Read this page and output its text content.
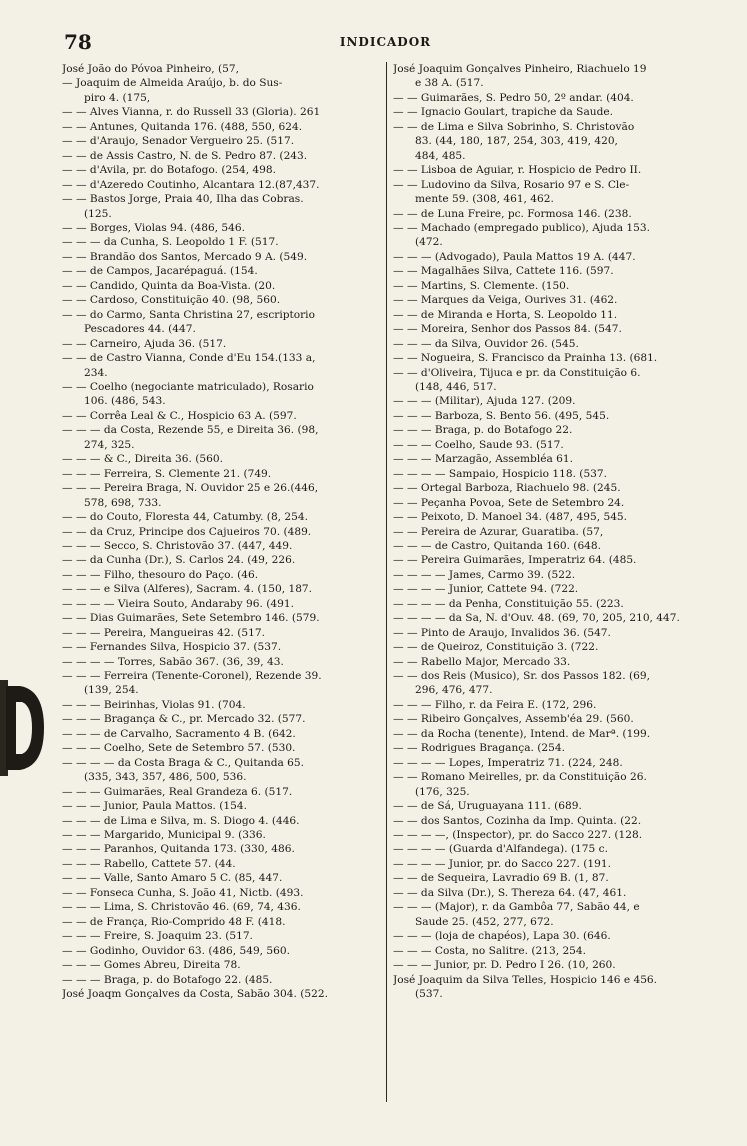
78	INDICADOR
José João do Póvoa Pinheiro, (57,
— Joaquim de Almeida Araújo, b. do Sus-
piro 4. (175,
— — Alves Vianna, r. do Russell 33 (Gloria). 261
— — Antunes, Quitanda 176. (488, 550, 624.
— — d'Araujo, Senador Vergueiro 25. (517.
— — de Assis Castro, N. de S. Pedro 87. (243.
— — d'Avila, pr. do Botafogo. (254, 498.
— — d'Azeredo Coutinho, Alcantara 12.(87,437.
— — Bastos Jorge, Praia 40, Ilha das Cobras.
(125.
— — Borges, Violas 94. (486, 546.
— — — da Cunha, S. Leopoldo 1 F. (517.
— — Brandão dos Santos, Mercado 9 A. (549.
— — de Campos, Jacarépaguá. (154.
— — Candido, Quinta da Boa-Vista. (20.
— — Cardoso, Constituição 40. (98, 560.
— — do Carmo, Santa Christina 27, escriptorio
Pescadores 44. (447.
— — Carneiro, Ajuda 36. (517.
— — de Castro Vianna, Conde d'Eu 154.(133 a,
234.
— — Coelho (negociante matriculado), Rosario
106. (486, 543.
— — Corrêa Leal & C., Hospicio 63 A. (597.
— — — da Costa, Rezende 55, e Direita 36. (98,
274, 325.
— — — & C., Direita 36. (560.
— — — Ferreira, S. Clemente 21. (749.
— — — Pereira Braga, N. Ouvidor 25 e 26.(446,
578, 698, 733.
— — do Couto, Floresta 44, Catumby. (8, 254.
— — da Cruz, Principe dos Cajueiros 70. (489.
— — — Secco, S. Christovão 37. (447, 449.
— — da Cunha (Dr.), S. Carlos 24. (49, 226.
— — — Filho, thesouro do Paço. (46.
— — — e Silva (Alferes), Sacram. 4. (150, 187.
— — — — Vieira Souto, Andaraby 96. (491.
— — Dias Guimarães, Sete Setembro 146. (579.
— — — Pereira, Mangueiras 42. (517.
— — Fernandes Silva, Hospicio 37. (537.
— — — — Torres, Sabão 367. (36, 39, 43.
— — — Ferreira (Tenente-Coronel), Rezende 39.
(139, 254.
— — — Beirinhas, Violas 91. (704.
— — — Bragança & C., pr. Mercado 32. (577.
— — — de Carvalho, Sacramento 4 B. (642.
— — — Coelho, Sete de Setembro 57. (530.
— — — — da Costa Braga & C., Quitanda 65.
(335, 343, 357, 486, 500, 536.
— — — Guimarães, Real Grandeza 6. (517.
— — — Junior, Paula Mattos. (154.
— — — de Lima e Silva, m. S. Diogo 4. (446.
— — — Margarido, Municipal 9. (336.
— — — Paranhos, Quitanda 173. (330, 486.
— — — Rabello, Cattete 57. (44.
— — — Valle, Santo Amaro 5 C. (85, 447.
— — Fonseca Cunha, S. João 41, Nictb. (493.
— — — Lima, S. Christovão 46. (69, 74, 436.
— — de França, Rio-Comprido 48 F. (418.
— — — Freire, S. Joaquim 23. (517.
— — Godinho, Ouvidor 63. (486, 549, 560.
— — — Gomes Abreu, Direita 78.
— — — Braga, p. do Botafogo 22. (485.
José Joaqm Gonçalves da Costa, Sabão 304. (522.
José Joaquim Gonçalves Pinheiro, Riachuelo 19
e 38 A. (517.
— — Guimarães, S. Pedro 50, 2º andar. (404.
— — Ignacio Goulart, trapiche da Saude.
— — de Lima e Silva Sobrinho, S. Christovão
83. (44, 180, 187, 254, 303, 419, 420,
484, 485.
— — Lisboa de Aguiar, r. Hospicio de Pedro II.
— — Ludovino da Silva, Rosario 97 e S. Cle-
mente 59. (308, 461, 462.
— — de Luna Freire, pc. Formosa 146. (238.
— — Machado (empregado publico), Ajuda 153.
(472.
— — — (Advogado), Paula Mattos 19 A. (447.
— — Magalhães Silva, Cattete 116. (597.
— — Martins, S. Clemente. (150.
— — Marques da Veiga, Ourives 31. (462.
— — de Miranda e Horta, S. Leopoldo 11.
— — Moreira, Senhor dos Passos 84. (547.
— — — da Silva, Ouvidor 26. (545.
— — Nogueira, S. Francisco da Prainha 13. (681.
— — d'Oliveira, Tijuca e pr. da Constituição 6.
(148, 446, 517.
— — — (Militar), Ajuda 127. (209.
— — — Barboza, S. Bento 56. (495, 545.
— — — Braga, p. do Botafogo 22.
— — — Coelho, Saude 93. (517.
— — — Marzagão, Assembléa 61.
— — — — Sampaio, Hospicio 118. (537.
— — Ortegal Barboza, Riachuelo 98. (245.
— — Peçanha Povoa, Sete de Setembro 24.
— — Peixoto, D. Manoel 34. (487, 495, 545.
— — Pereira de Azurar, Guaratiba. (57,
— — — de Castro, Quitanda 160. (648.
— — Pereira Guimarães, Imperatriz 64. (485.
— — — — James, Carmo 39. (522.
— — — — Junior, Cattete 94. (722.
— — — — da Penha, Constituição 55. (223.
— — — — da Sa, N. d'Ouv. 48. (69, 70, 205, 210, 447.
— — Pinto de Araujo, Invalidos 36. (547.
— — de Queiroz, Constituição 3. (722.
— — Rabello Major, Mercado 33.
— — dos Reis (Musico), Sr. dos Passos 182. (69,
296, 476, 477.
— — — Filho, r. da Feira E. (172, 296.
— — Ribeiro Gonçalves, Assemb'éa 29. (560.
— — da Rocha (tenente), Intend. de Marª. (199.
— — Rodrigues Bragança. (254.
— — — — Lopes, Imperatriz 71. (224, 248.
— — Romano Meirelles, pr. da Constituição 26.
(176, 325.
— — de Sá, Uruguayana 111. (689.
— — dos Santos, Cozinha da Imp. Quinta. (22.
— — — —, (Inspector), pr. do Sacco 227. (128.
— — — — (Guarda d'Alfandega). (175 c.
— — — — Junior, pr. do Sacco 227. (191.
— — de Sequeira, Lavradio 69 B. (1, 87.
— — da Silva (Dr.), S. Thereza 64. (47, 461.
— — — (Major), r. da Gambôa 77, Sabão 44, e
Saude 25. (452, 277, 672.
— — — (loja de chapéos), Lapa 30. (646.
— — — Costa, no Salitre. (213, 254.
— — — Junior, pr. D. Pedro I 26. (10, 260.
José Joaquim da Silva Telles, Hospicio 146 e 456.
(537.
